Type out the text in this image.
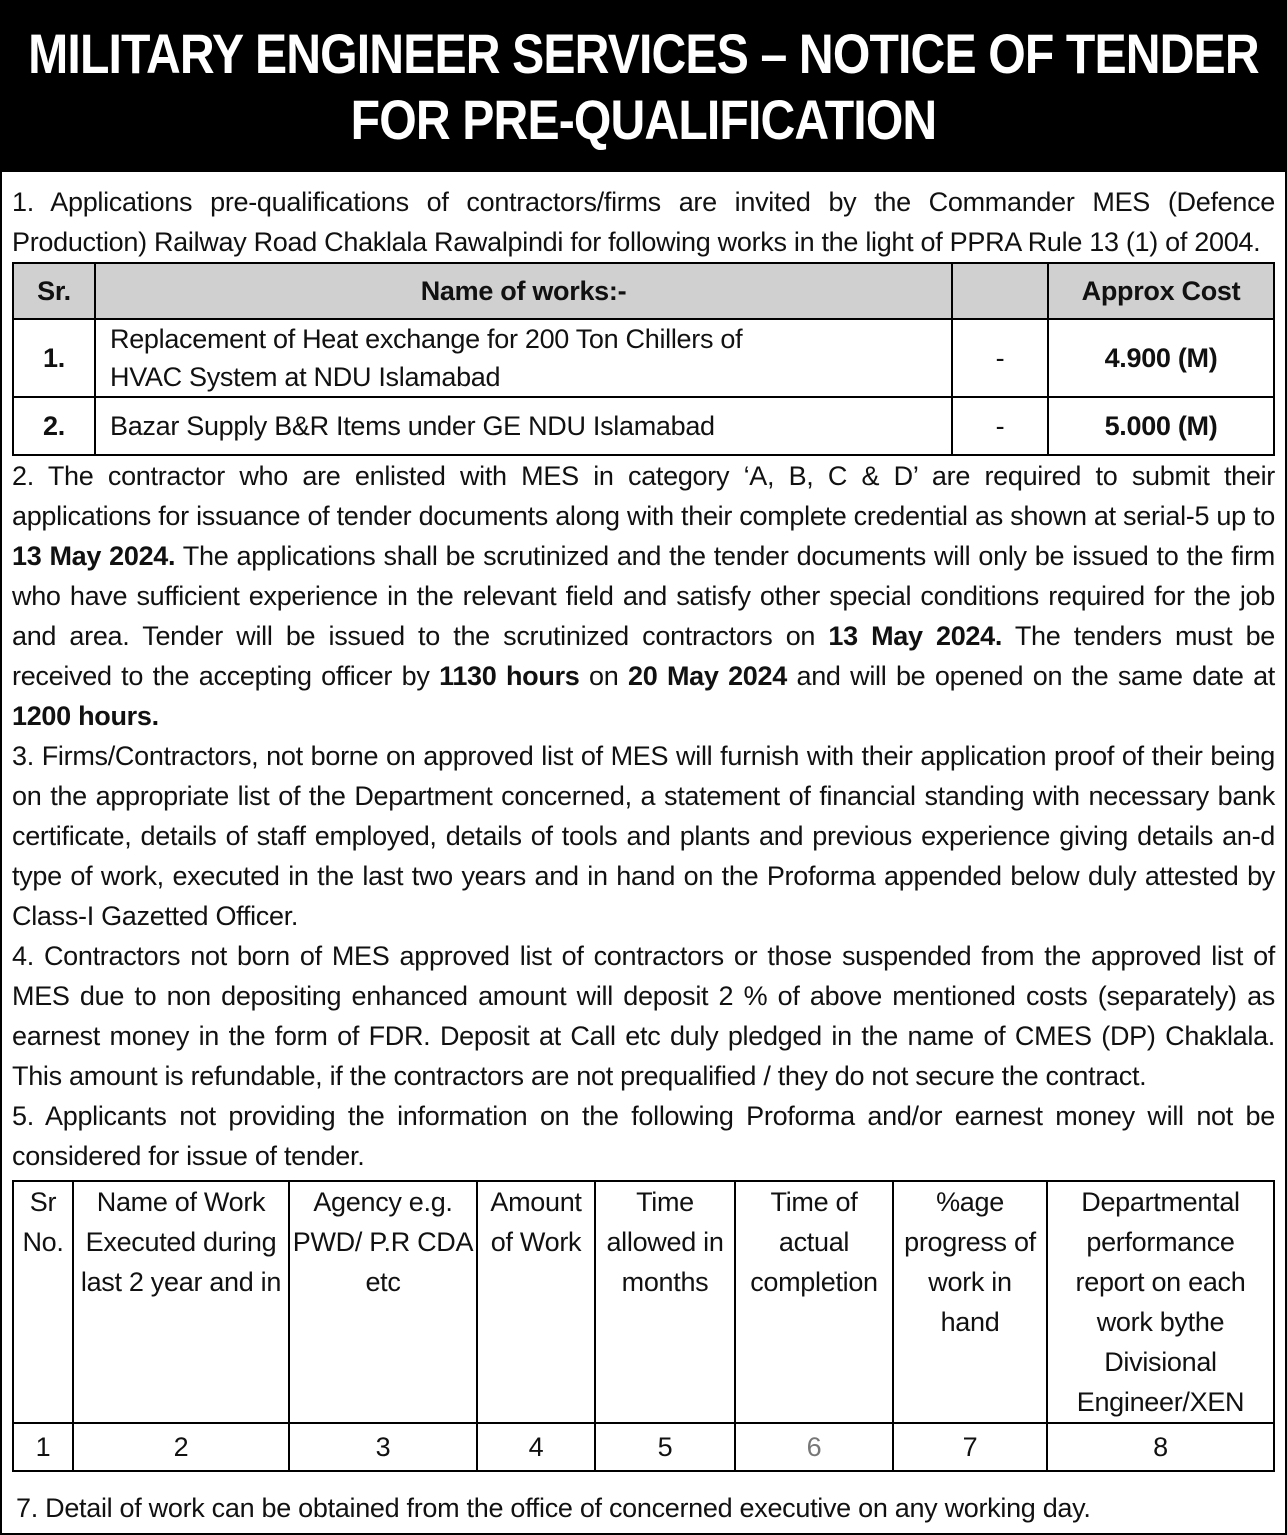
MILITARY ENGINEER SERVICES – NOTICE OF TENDER
FOR PRE-QUALIFICATION

1. Applications pre-qualifications of contractors/firms are invited by the Commander MES (Defence Production) Railway Road Chaklala Rawalpindi for following works in the light of PPRA Rule 13 (1) of 2004.

Sr.	Name of works:-		Approx Cost
1.	Replacement of Heat exchange for 200 Ton Chillers of HVAC System at NDU Islamabad	-	4.900 (M)
2.	Bazar Supply B&R Items under GE NDU Islamabad	-	5.000 (M)

2. The contractor who are enlisted with MES in category ‘A, B, C & D’ are required to submit their applications for issuance of tender documents along with their complete credential as shown at serial-5 up to 13 May 2024. The applications shall be scrutinized and the tender documents will only be issued to the firm who have sufficient experience in the relevant field and satisfy other special conditions required for the job and area. Tender will be issued to the scrutinized contractors on 13 May 2024. The tenders must be received to the accepting officer by 1130 hours on 20 May 2024 and will be opened on the same date at 1200 hours.

3. Firms/Contractors, not borne on approved list of MES will furnish with their application proof of their being on the appropriate list of the Department concerned, a statement of financial standing with necessary bank certificate, details of staff employed, details of tools and plants and previous experience giving details an-d type of work, executed in the last two years and in hand on the Proforma appended below duly attested by Class-I Gazetted Officer.

4. Contractors not born of MES approved list of contractors or those suspended from the approved list of MES due to non depositing enhanced amount will deposit 2 % of above mentioned costs (separately) as earnest money in the form of FDR. Deposit at Call etc duly pledged in the name of CMES (DP) Chaklala. This amount is refundable, if the contractors are not prequalified / they do not secure the contract.

5. Applicants not providing the information on the following Proforma and/or earnest money will not be considered for issue of tender.

Sr No.	Name of Work Executed during last 2 year and in	Agency e.g. PWD/ P.R CDA etc	Amount of Work	Time allowed in months	Time of actual completion	%age progress of work in hand	Departmental performance report on each work bythe Divisional Engineer/XEN
1	2	3	4	5	6	7	8

7. Detail of work can be obtained from the office of concerned executive on any working day.
